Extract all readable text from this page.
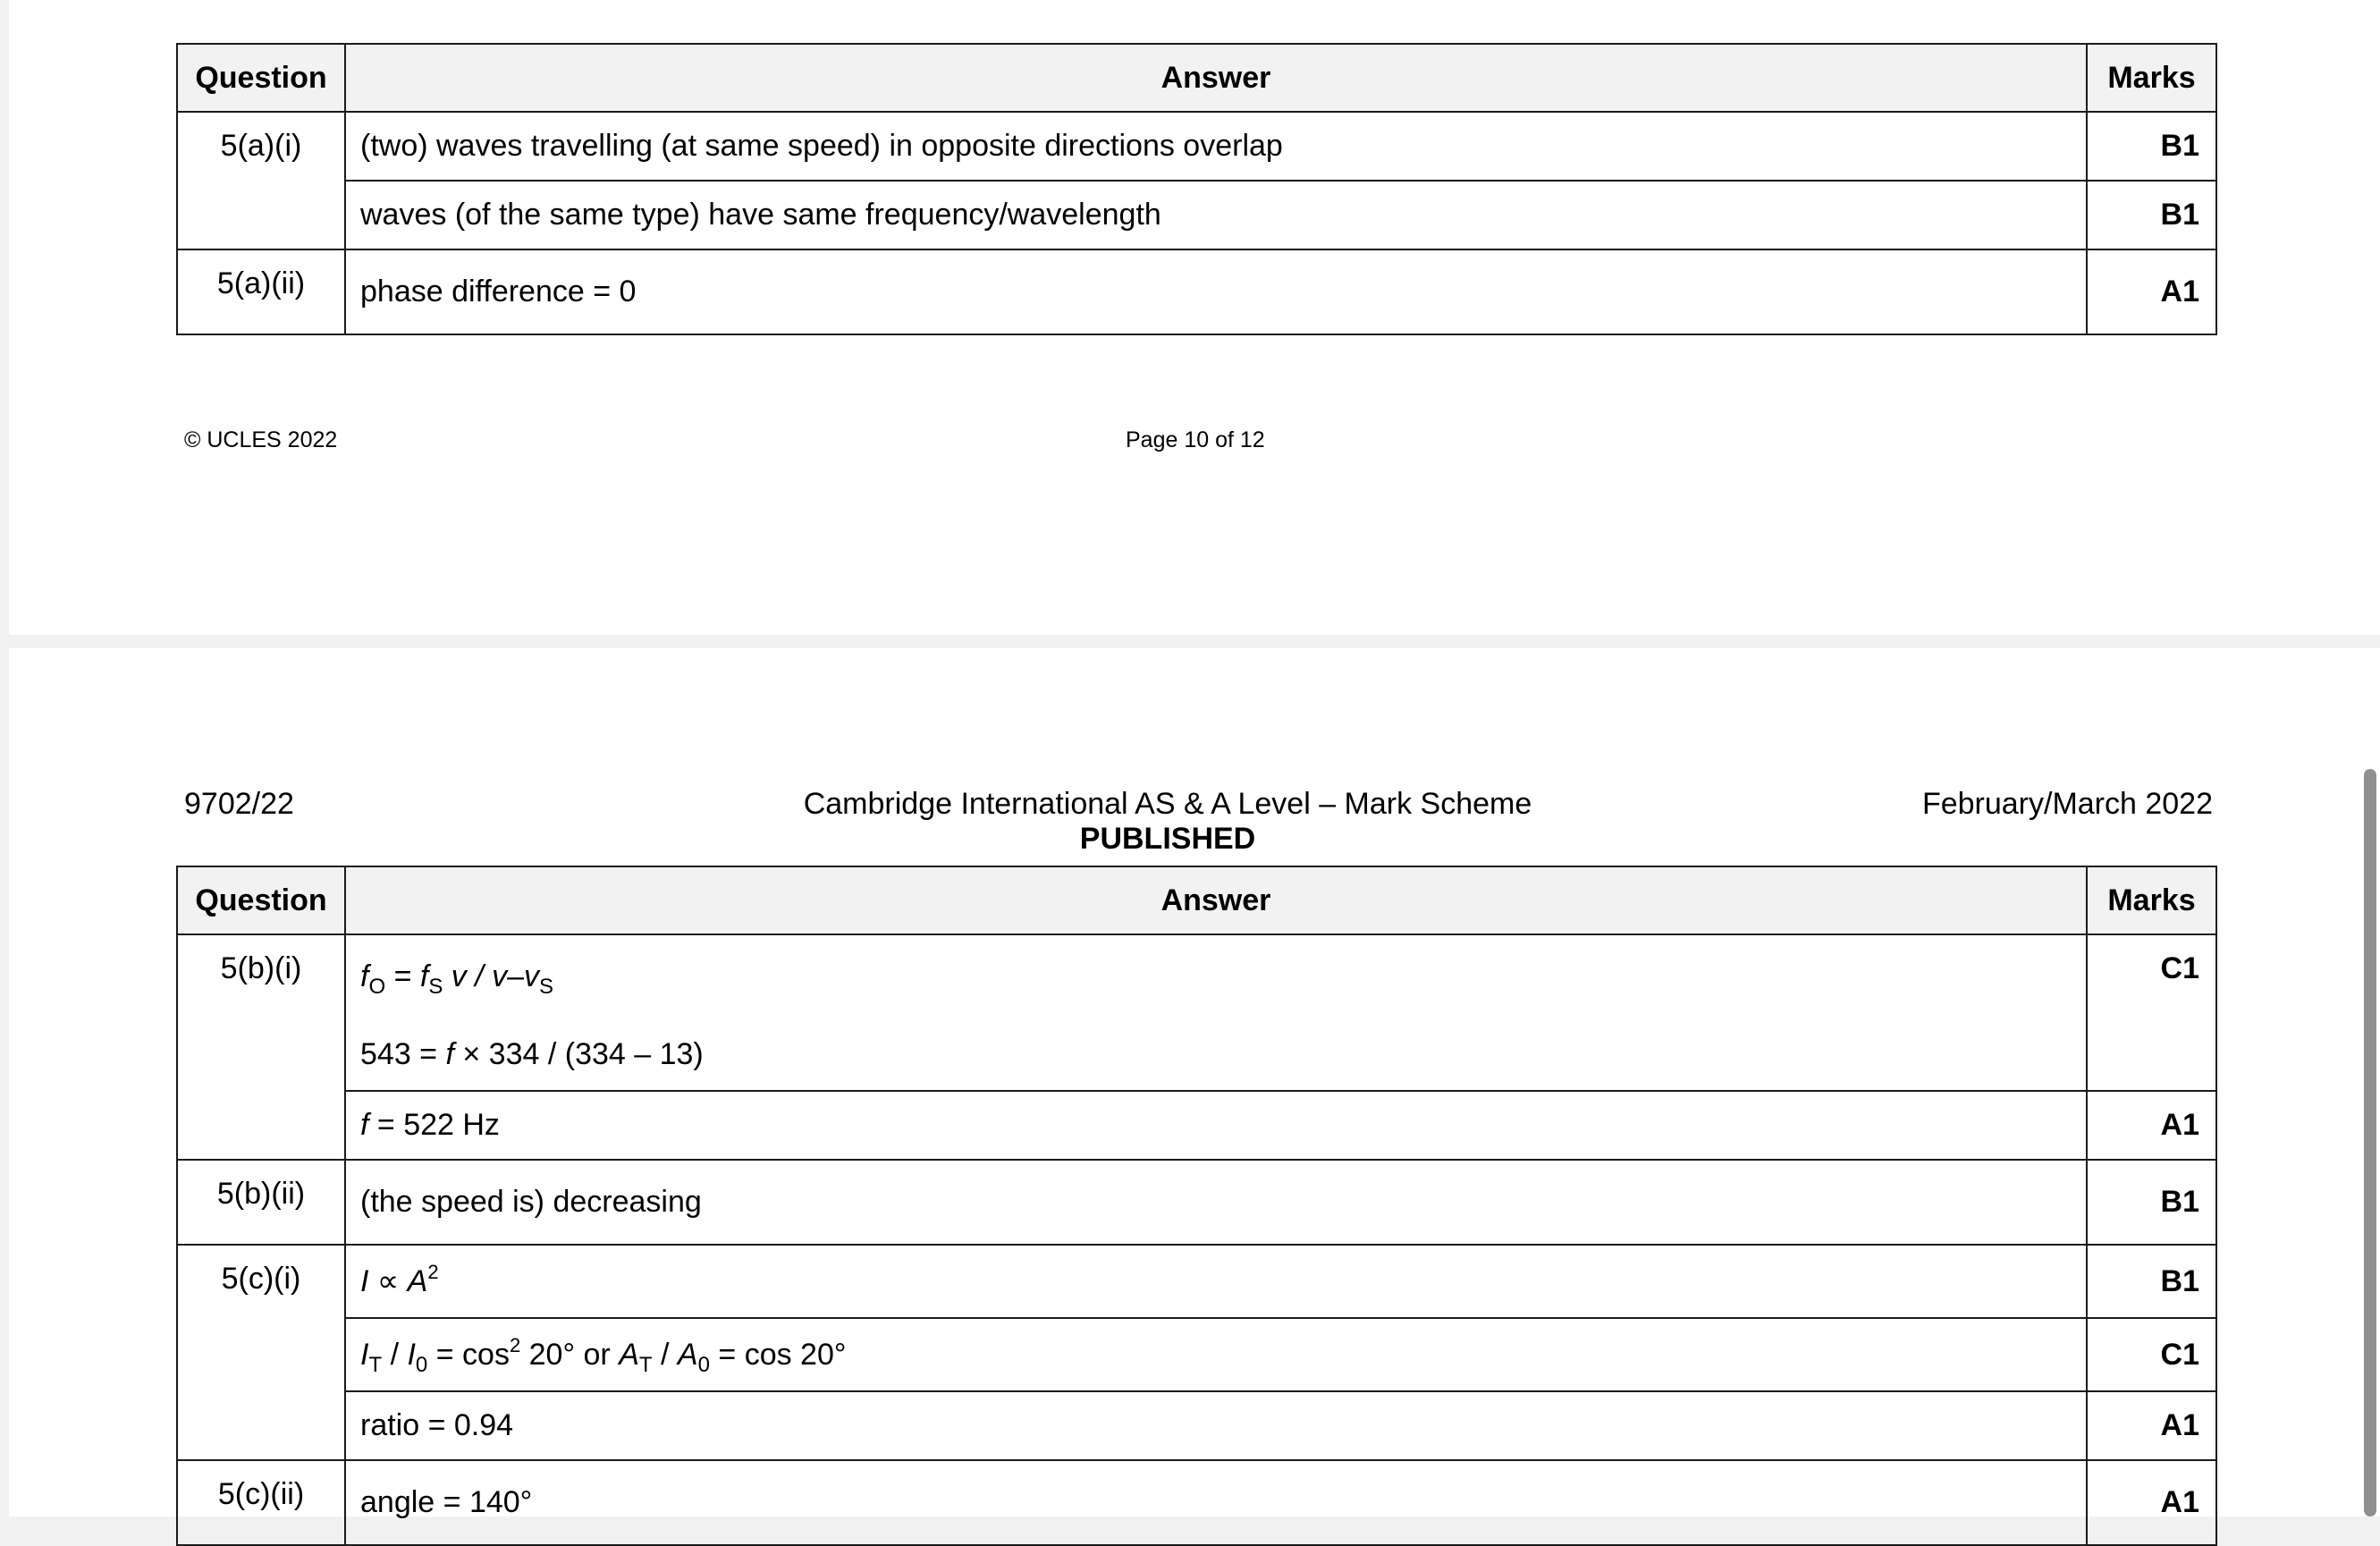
Question	Answer	Marks
5(a)(i)	(two) waves travelling (at same speed) in opposite directions overlap	B1
	waves (of the same type) have same frequency/wavelength	B1
5(a)(ii)	phase difference = 0	A1
© UCLES 2022	Page 10 of 12
9702/22	Cambridge International AS & A Level – Mark Scheme
PUBLISHED
February/March 2022
Question	Answer	Marks
5(b)(i)	$f_O = f_S$ v / $v-v_S$	C1
	543 = f × 334 / (334 – 13)	
	f = 522 Hz	A1
5(b)(ii)	(the speed is) decreasing	B1
5(c)(i)	$I \propto A^2$	B1
	$I_T / I_0 = \cos^2 20^\circ$ or $A_T / A_0 = \cos 20^\circ$	C1
	ratio = 0.94	A1
5(c)(ii)	angle = 140°	A1
